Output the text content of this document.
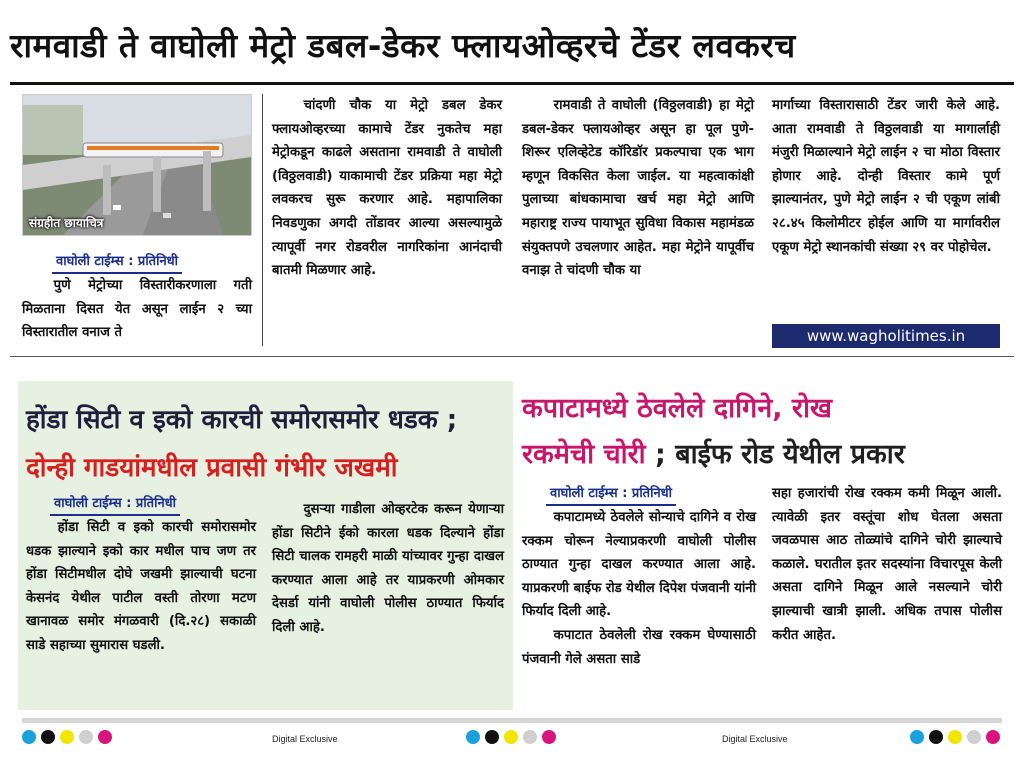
रामवाडी ते वाघोली मेट्रो डबल-डेकर फ्लायओव्हरचे टेंडर लवकरच
संग्रहीत छायाचित्र
वाघोली टाईम्स : प्रतिनिधी

पुणे मेट्रोच्या विस्तारीकरणाला गती मिळताना दिसत येत असून लाईन २ च्या विस्तारातील वनाज ते

चांदणी चौक या मेट्रो डबल डेकर फ्लायओव्हरच्या कामाचे टेंडर नुकतेच महा मेट्रोकडून काढले असताना रामवाडी ते वाघोली (विठ्ठलवाडी) याकामाची टेंडर प्रक्रिया महा मेट्रो लवकरच सुरू करणार आहे. महापालिका निवडणुका अगदी तोंडावर आल्या असल्यामुळे त्यापूर्वी नगर रोडवरील नागरिकांना आनंदाची बातमी मिळणार आहे.

रामवाडी ते वाघोली (विठ्ठलवाडी) हा मेट्रो डबल-डेकर फ्लायओव्हर असून हा पूल पुणे-शिरूर एलिव्हेटेड कॉरिडॉर प्रकल्पाचा एक भाग म्हणून विकसित केला जाईल. या महत्वाकांक्षी पुलाच्या बांधकामाचा खर्च महा मेट्रो आणि महाराष्ट्र राज्य पायाभूत सुविधा विकास महामंडळ संयुक्तपणे उचलणार आहेत. महा मेट्रोने यापूर्वीच वनाझ ते चांदणी चौक या

मार्गाच्या विस्तारासाठी टेंडर जारी केले आहे. आता रामवाडी ते विठ्ठलवाडी या मागार्लाही मंजुरी मिळाल्याने मेट्रो लाईन २ चा मोठा विस्तार होणार आहे. दोन्ही विस्तार कामे पूर्ण झाल्यानंतर, पुणे मेट्रो लाईन २ ची एकूण लांबी २८.४५ किलोमीटर होईल आणि या मार्गावरील एकूण मेट्रो स्थानकांची संख्या २९ वर पोहोचेल.

www.wagholitimes.in
होंडा सिटी व इको कारची समोरासमोर धडक ;
दोन्ही गाडयांमधील प्रवासी गंभीर जखमी
वाघोली टाईम्स : प्रतिनिधी

होंडा सिटी व इको कारची समोरासमोर धडक झाल्याने इको कार मधील पाच जण तर होंडा सिटीमधील दोघे जखमी झाल्याची घटना केसनंद येथील पाटील वस्ती तोरणा मटण खानावळ समोर मंगळवारी (दि.२८) सकाळी साडे सहाच्या सुमारास घडली.

दुसऱ्या गाडीला ओव्हरटेक करून येणाऱ्या होंडा सिटीने ईको कारला धडक दिल्याने होंडा सिटी चालक रामहरी माळी यांच्यावर गुन्हा दाखल करण्यात आला आहे तर याप्रकरणी ओमकार देसर्डा यांनी वाघोली पोलीस ठाण्यात फिर्याद दिली आहे.

कपाटामध्ये ठेवलेले दागिने, रोख
रकमेची चोरी ; बाईफ रोड येथील प्रकार
वाघोली टाईम्स : प्रतिनिधी

कपाटामध्ये ठेवलेले सोन्याचे दागिने व रोख रक्कम चोरून नेल्याप्रकरणी वाघोली पोलीस ठाण्यात गुन्हा दाखल करण्यात आला आहे. याप्रकरणी बाईफ रोड येथील दिपेश पंजवानी यांनी फिर्याद दिली आहे.

कपाटात ठेवलेली रोख रक्कम घेण्यासाठी पंजवानी गेले असता साडे

सहा हजारांची रोख रक्कम कमी मिळून आली. त्यावेळी इतर वस्तूंचा शोध घेतला असता जवळपास आठ तोळ्यांचे दागिने चोरी झाल्याचे कळाले. घरातील इतर सदस्यांना विचारपूस केली असता दागिने मिळून आले नसल्याने चोरी झाल्याची खात्री झाली. अधिक तपास पोलीस करीत आहेत.

Digital Exclusive	Digital Exclusive
